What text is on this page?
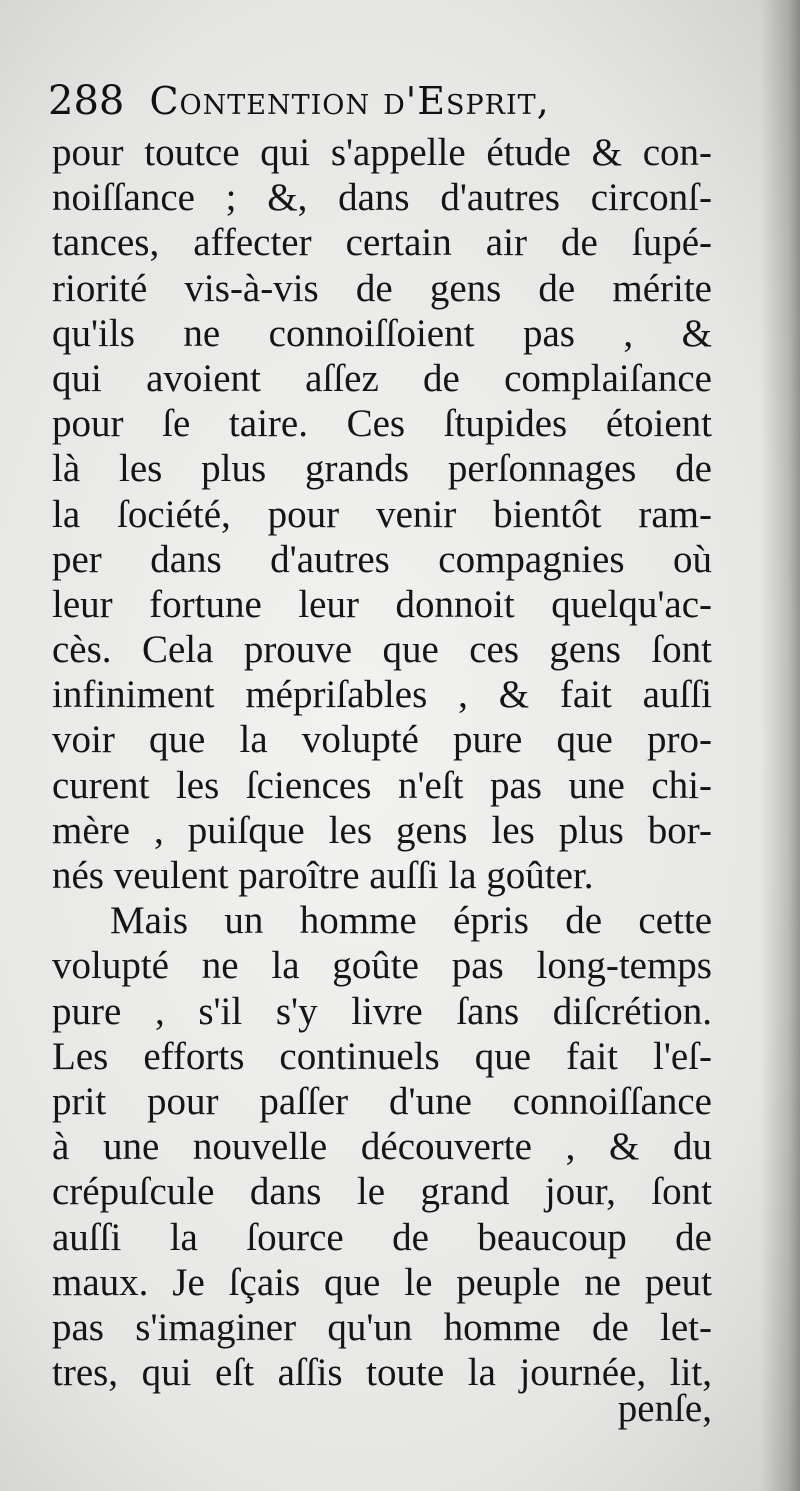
288 Contention d'Esprit,
pour toutce qui s'appelle étude & con-
noiſſance ; &, dans d'autres circonſ-
tances, affecter certain air de ſupé-
riorité vis-à-vis de gens de mérite
qu'ils ne connoiſſoient pas , &
qui avoient aſſez de complaiſance
pour ſe taire. Ces ſtupides étoient
là les plus grands perſonnages de
la ſociété, pour venir bientôt ram-
per dans d'autres compagnies où
leur fortune leur donnoit quelqu'ac-
cès. Cela prouve que ces gens ſont
infiniment mépriſables , & fait auſſi
voir que la volupté pure que pro-
curent les ſciences n'eſt pas une chi-
mère , puiſque les gens les plus bor-
nés veulent paroître auſſi la goûter.
Mais un homme épris de cette
volupté ne la goûte pas long-temps
pure , s'il s'y livre ſans diſcrétion.
Les efforts continuels que fait l'eſ-
prit pour paſſer d'une connoiſſance
à une nouvelle découverte , & du
crépuſcule dans le grand jour, ſont
auſſi la ſource de beaucoup de
maux. Je ſçais que le peuple ne peut
pas s'imaginer qu'un homme de let-
tres, qui eſt aſſis toute la journée, lit,
penſe,
